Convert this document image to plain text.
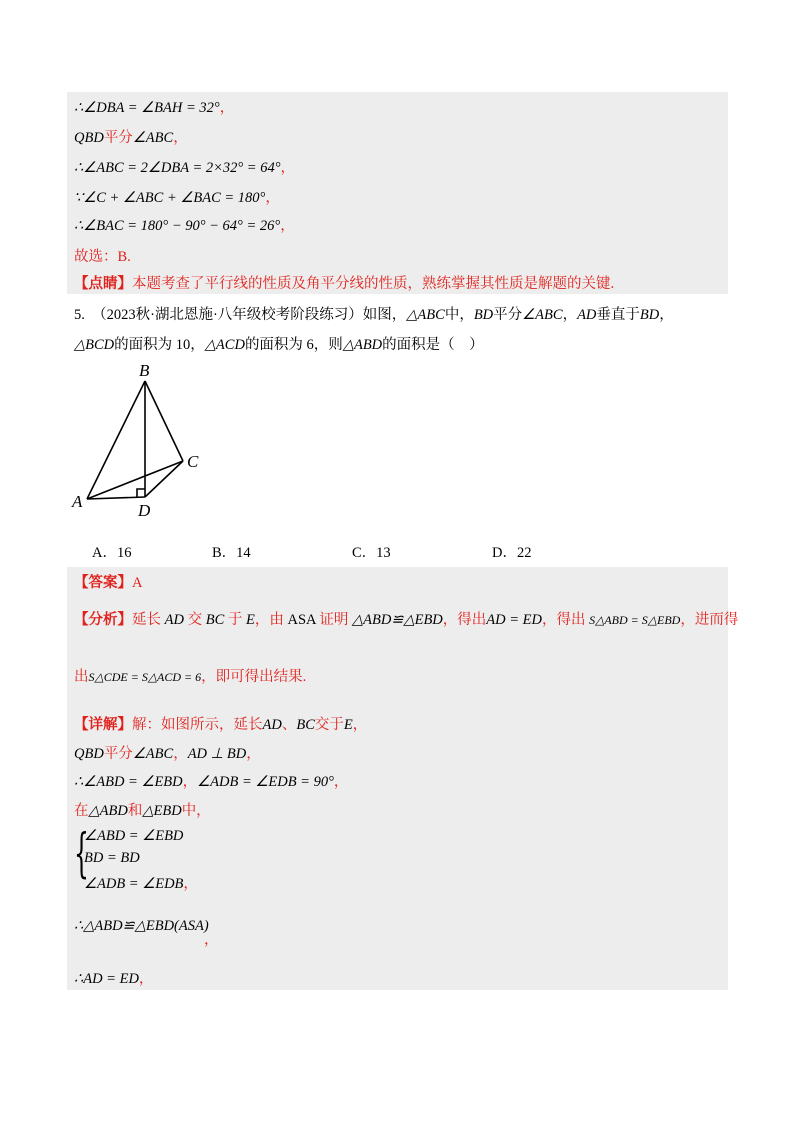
∴∠DBA = ∠BAH = 32°，
QBD平分∠ABC，
∴∠ABC = 2∠DBA = 2×32° = 64°，
∵∠C + ∠ABC + ∠BAC = 180°，
∴∠BAC = 180° − 90° − 64° = 26°，
故选：B.
【点睛】本题考查了平行线的性质及角平分线的性质，熟练掌握其性质是解题的关键.
5. （2023秋·湖北恩施·八年级校考阶段练习）如图，△ABC中，BD平分∠ABC，AD垂直于BD，
△BCD的面积为 10，△ACD的面积为 6，则△ABD的面积是（　）
B
C
A	D
A．16	B．14	C．13	D．22
【答案】A
【分析】延长 AD 交 BC 于 E，由 ASA 证明 △ABD≌△EBD，得出AD = ED，得出 S△ABD = S△EBD，进而得
出S△CDE = S△ACD = 6，即可得出结果.
【详解】解：如图所示，延长AD、BC交于E，
QBD平分∠ABC，AD ⊥ BD，
∴∠ABD = ∠EBD，∠ADB = ∠EDB = 90°，
在△ABD和△EBD中，
{
∠ABD = ∠EBD
BD = BD
∠ADB = ∠EDB，
∴△ABD≌△EBD(ASA)
，
∴AD = ED，
